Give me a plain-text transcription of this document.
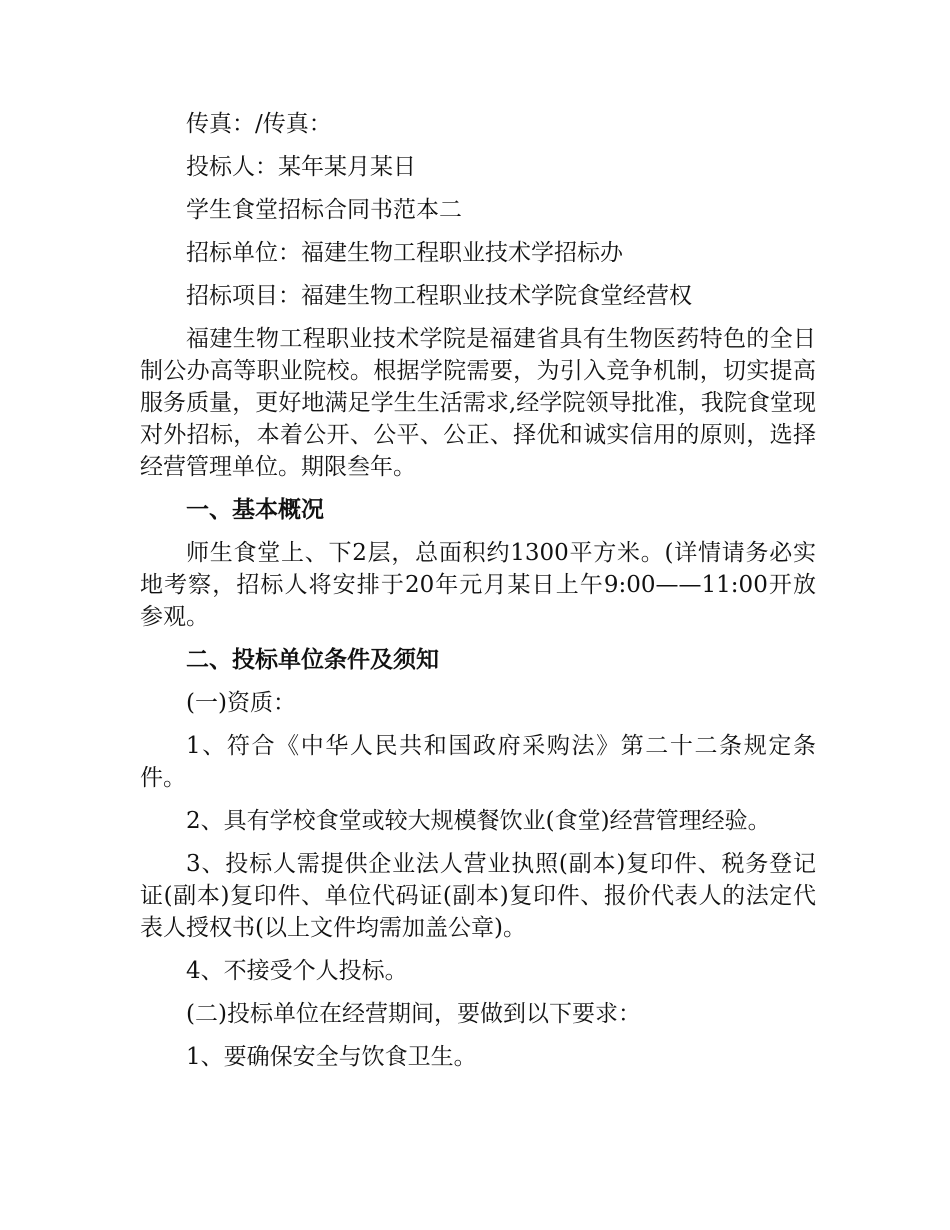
传真：/传真：

投标人：某年某月某日

学生食堂招标合同书范本二

招标单位：福建生物工程职业技术学招标办

招标项目：福建生物工程职业技术学院食堂经营权

福建生物工程职业技术学院是福建省具有生物医药特色的全日制公办高等职业院校。根据学院需要，为引入竞争机制，切实提高服务质量，更好地满足学生生活需求,经学院领导批准，我院食堂现对外招标，本着公开、公平、公正、择优和诚实信用的原则，选择经营管理单位。期限叁年。

一、基本概况

师生食堂上、下2层，总面积约1300平方米。(详情请务必实地考察，招标人将安排于20年元月某日上午9:00——11:00开放参观。

二、投标单位条件及须知

(一)资质：

1、符合《中华人民共和国政府采购法》第二十二条规定条件。

2、具有学校食堂或较大规模餐饮业(食堂)经营管理经验。

3、投标人需提供企业法人营业执照(副本)复印件、税务登记证(副本)复印件、单位代码证(副本)复印件、报价代表人的法定代表人授权书(以上文件均需加盖公章)。

4、不接受个人投标。

(二)投标单位在经营期间，要做到以下要求：

1、要确保安全与饮食卫生。
